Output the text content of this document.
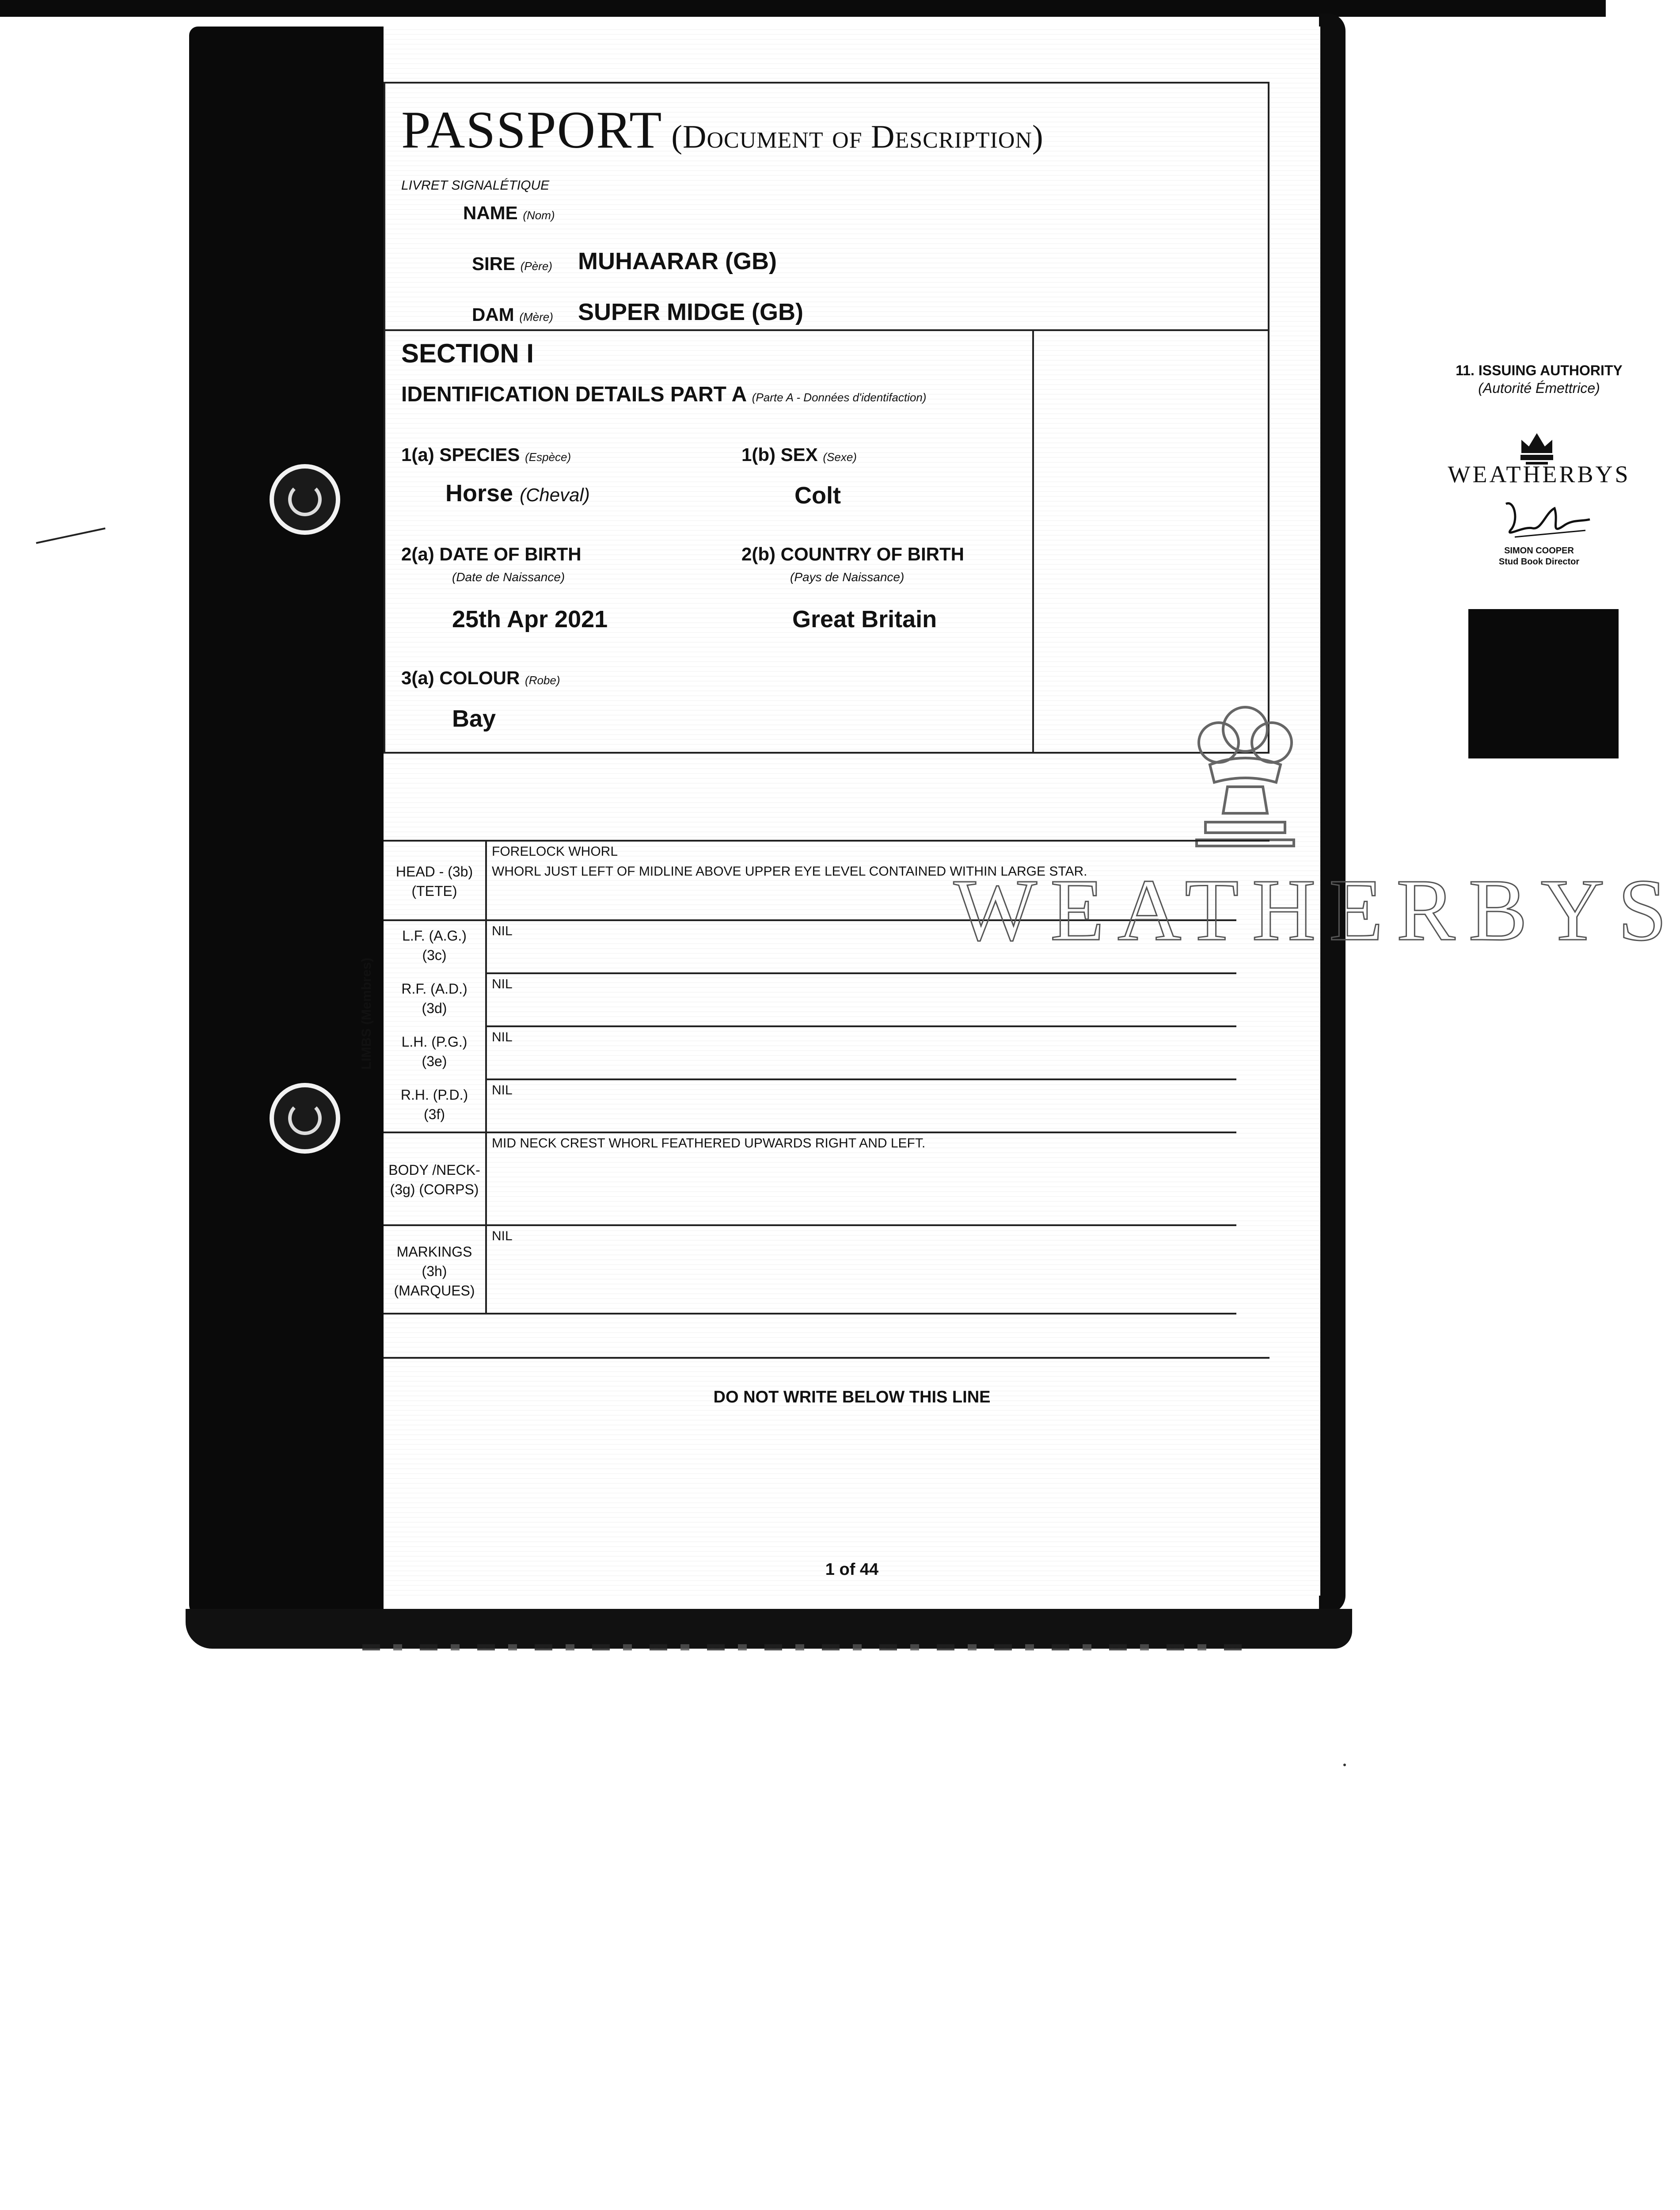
PASSPORT (Document of Description)
LIVRET SIGNALÉTIQUE
NAME (Nom)
SIRE (Père) MUHAARAR (GB)
DAM (Mère) SUPER MIDGE (GB)
SECTION I
IDENTIFICATION DETAILS PART A (Parte A - Données d'identifaction)
1(a) SPECIES (Espèce)
Horse (Cheval)
1(b) SEX (Sexe)
Colt
2(a) DATE OF BIRTH
(Date de Naissance)
25th Apr 2021
2(b) COUNTRY OF BIRTH
(Pays de Naissance)
Great Britain
3(a) COLOUR (Robe)
Bay
11. ISSUING AUTHORITY
(Autorité Émettrice)
WEATHERBYS
SIMON COOPER
Stud Book Director
LIMBS (Membres)
HEAD - (3b)
(TETE)
FORELOCK WHORL
WHORL JUST LEFT OF MIDLINE ABOVE UPPER EYE LEVEL CONTAINED WITHIN LARGE STAR.
L.F. (A.G.)
(3c)
NIL
R.F. (A.D.)
(3d)
NIL
L.H. (P.G.)
(3e)
NIL
R.H. (P.D.)
(3f)
NIL
BODY /NECK-
(3g) (CORPS)
MID NECK CREST WHORL FEATHERED UPWARDS RIGHT AND LEFT.
MARKINGS (3h)
(MARQUES)
NIL
WEATHERBYS
DO NOT WRITE BELOW THIS LINE
1 of 44
